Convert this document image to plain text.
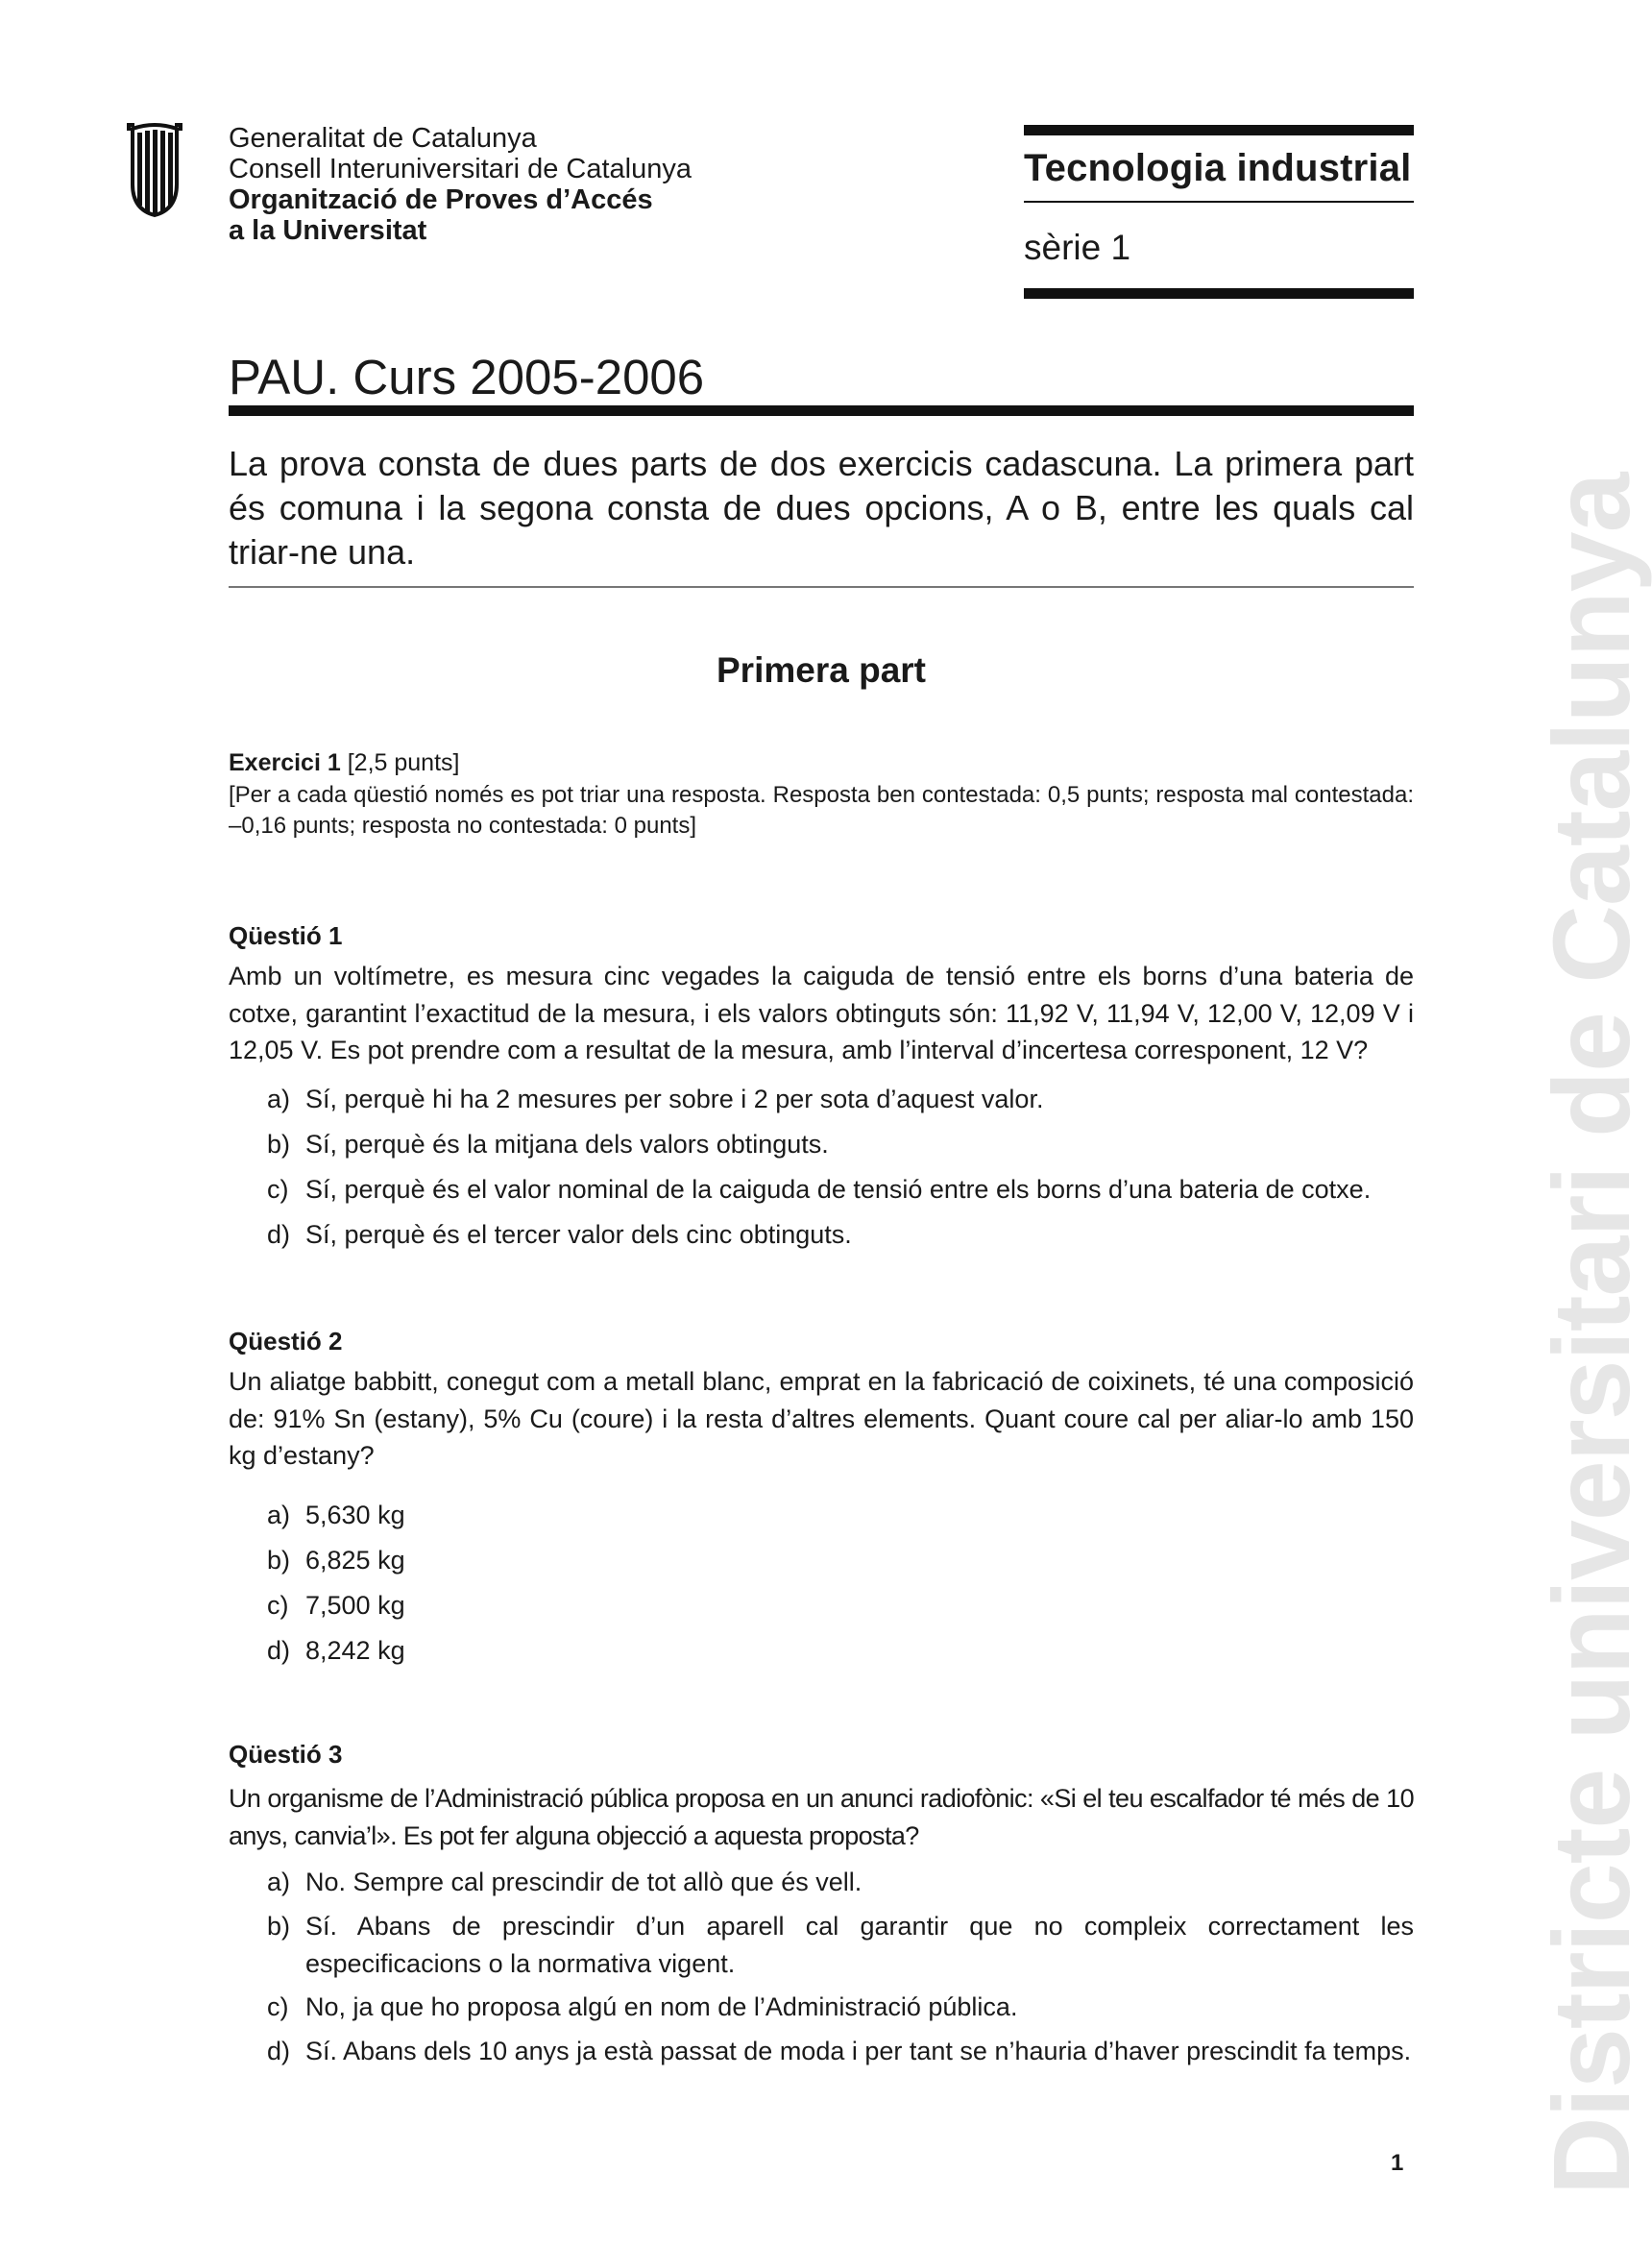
Generalitat de Catalunya
Consell Interuniversitari de Catalunya
Organització de Proves d’Accés
a la Universitat
Tecnologia industrial
sèrie 1
PAU. Curs 2005-2006
La prova consta de dues parts de dos exercicis cadascuna. La primera part és comuna i la segona consta de dues opcions, A o B, entre les quals cal triar-ne una.
Primera part
Exercici 1 [2,5 punts]
[Per a cada qüestió només es pot triar una resposta. Resposta ben contestada: 0,5 punts; resposta mal contestada: –0,16 punts; resposta no contestada: 0 punts]
Qüestió 1
Amb un voltímetre, es mesura cinc vegades la caiguda de tensió entre els borns d’una bateria de cotxe, garantint l’exactitud de la mesura, i els valors obtinguts són: 11,92 V, 11,94 V, 12,00 V, 12,09 V i 12,05 V. Es pot prendre com a resultat de la mesura, amb l’interval d’incertesa corresponent, 12 V?
a) Sí, perquè hi ha 2 mesures per sobre i 2 per sota d’aquest valor.
b) Sí, perquè és la mitjana dels valors obtinguts.
c) Sí, perquè és el valor nominal de la caiguda de tensió entre els borns d’una bateria de cotxe.
d) Sí, perquè és el tercer valor dels cinc obtinguts.
Qüestió 2
Un aliatge babbitt, conegut com a metall blanc, emprat en la fabricació de coixinets, té una composició de: 91% Sn (estany), 5% Cu (coure) i la resta d’altres elements. Quant coure cal per aliar-lo amb 150 kg d’estany?
a) 5,630 kg
b) 6,825 kg
c) 7,500 kg
d) 8,242 kg
Qüestió 3
Un organisme de l’Administració pública proposa en un anunci radiofònic: «Si el teu escalfador té més de 10 anys, canvia’l». Es pot fer alguna objecció a aquesta proposta?
a) No. Sempre cal prescindir de tot allò que és vell.
b) Sí. Abans de prescindir d’un aparell cal garantir que no compleix correctament les especificacions o la normativa vigent.
c) No, ja que ho proposa algú en nom de l’Administració pública.
d) Sí. Abans dels 10 anys ja està passat de moda i per tant se n’hauria d’haver prescindit fa temps.
1 Districte universitari de Catalunya
